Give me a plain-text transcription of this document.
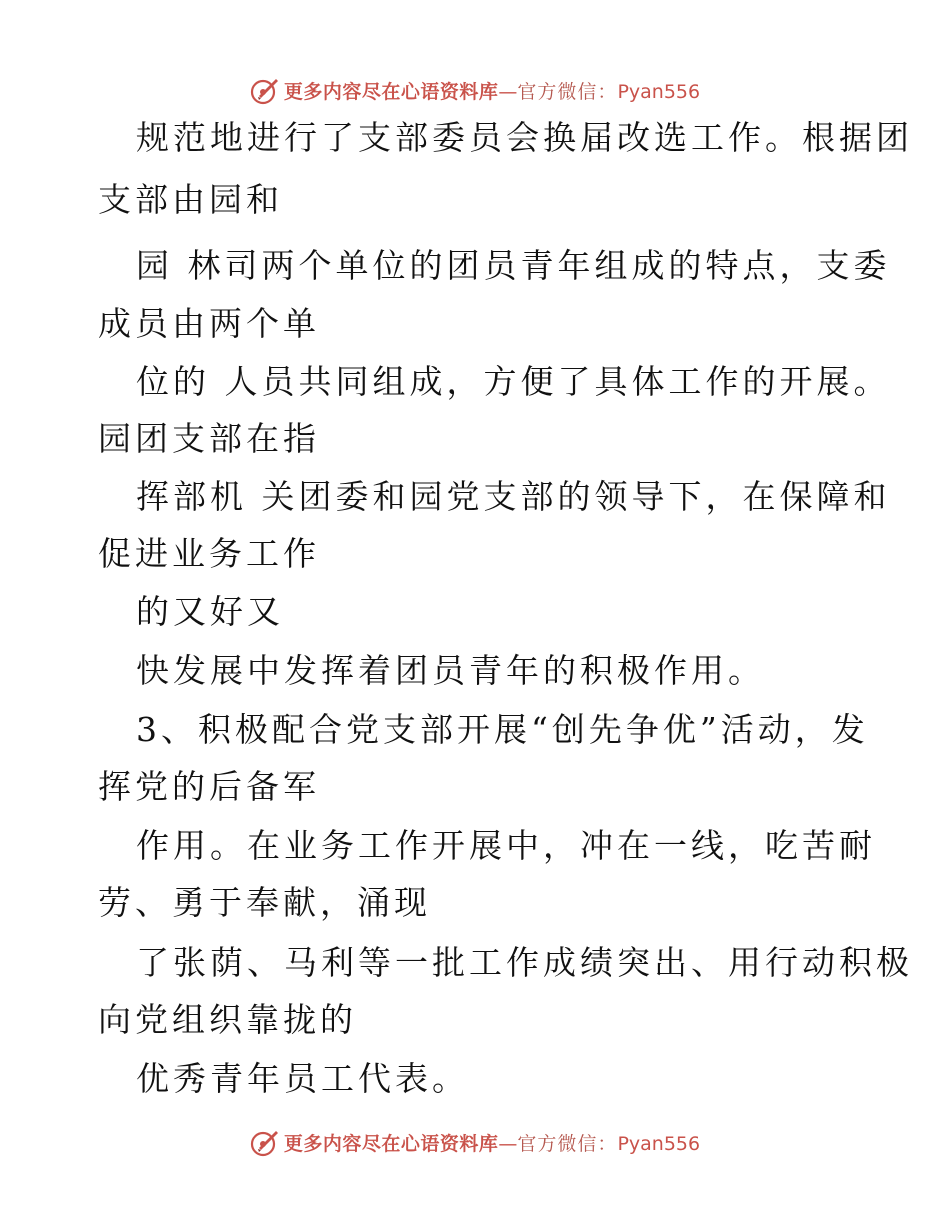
更多内容尽在心语资料库—官方微信：Pyan556
规范地进行了支部委员会换届改选工作。根据团
支部由园和
园 林司两个单位的团员青年组成的特点，支委
成员由两个单
位的 人员共同组成，方便了具体工作的开展。
园团支部在指
挥部机 关团委和园党支部的领导下，在保障和
促进业务工作
的又好又
快发展中发挥着团员青年的积极作用。
3、积极配合党支部开展“创先争优”活动，发
挥党的后备军
作用。在业务工作开展中，冲在一线，吃苦耐
劳、勇于奉献，涌现
了张荫、马利等一批工作成绩突出、用行动积极
向党组织靠拢的
优秀青年员工代表。
更多内容尽在心语资料库—官方微信：Pyan556
